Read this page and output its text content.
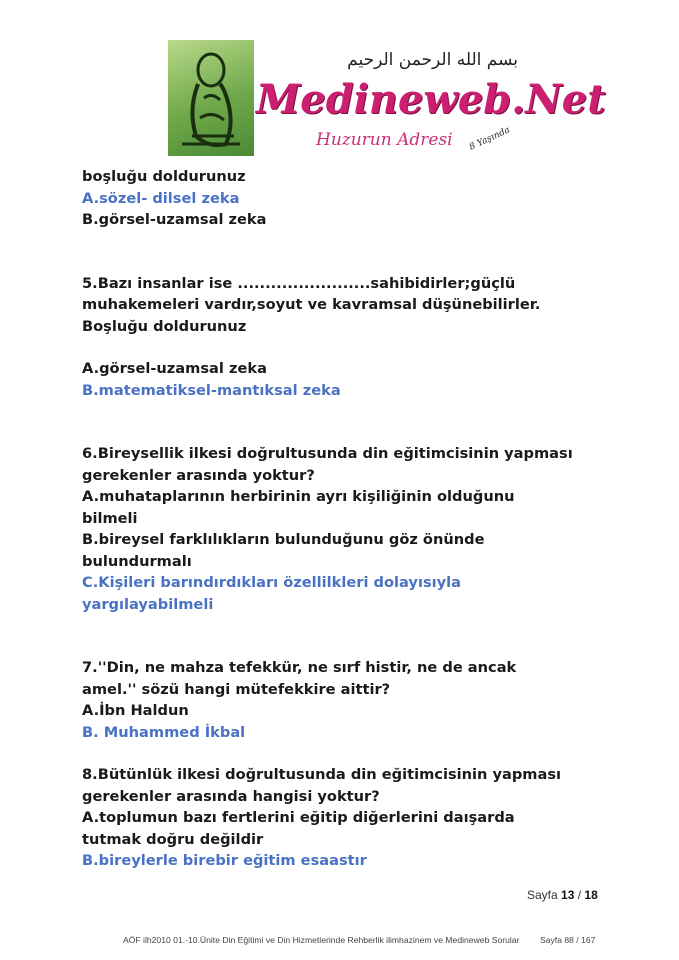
بسم الله الرحمن الرحيم
Medineweb.Net
Huzurun Adresi 8 Yaşında
boşluğu doldurunuz
A.sözel- dilsel zeka
B.görsel-uzamsal zeka
5.Bazı insanlar ise ........................sahibidirler;güçlü
muhakemeleri vardır,soyut ve kavramsal düşünebilirler.
Boşluğu doldurunuz
A.görsel-uzamsal zeka
B.matematiksel-mantıksal zeka
6.Bireysellik ilkesi doğrultusunda din eğitimcisinin yapması
gerekenler arasında yoktur?
A.muhataplarının herbirinin ayrı kişiliğinin olduğunu
bilmeli
B.bireysel farklılıkların bulunduğunu göz önünde
bulundurmalı
C.Kişileri barındırdıkları özellilkleri dolayısıyla
yargılayabilmeli
7.''Din, ne mahza tefekkür, ne sırf histir, ne de ancak
amel.'' sözü hangi mütefekkire aittir?
A.İbn Haldun
B. Muhammed İkbal
8.Bütünlük ilkesi doğrultusunda din eğitimcisinin yapması
gerekenler arasında hangisi yoktur?
A.toplumun bazı fertlerini eğitip diğerlerini daışarda
tutmak doğru değildir
B.bireylerle birebir eğitim esaastır
Sayfa 13 / 18
AÖF ilh2010 01.-10.Ünite Din Eğitimi ve Din Hizmetlerinde Rehberlik ilimhazinem ve Medineweb Sorular Sayfa 88 / 167
